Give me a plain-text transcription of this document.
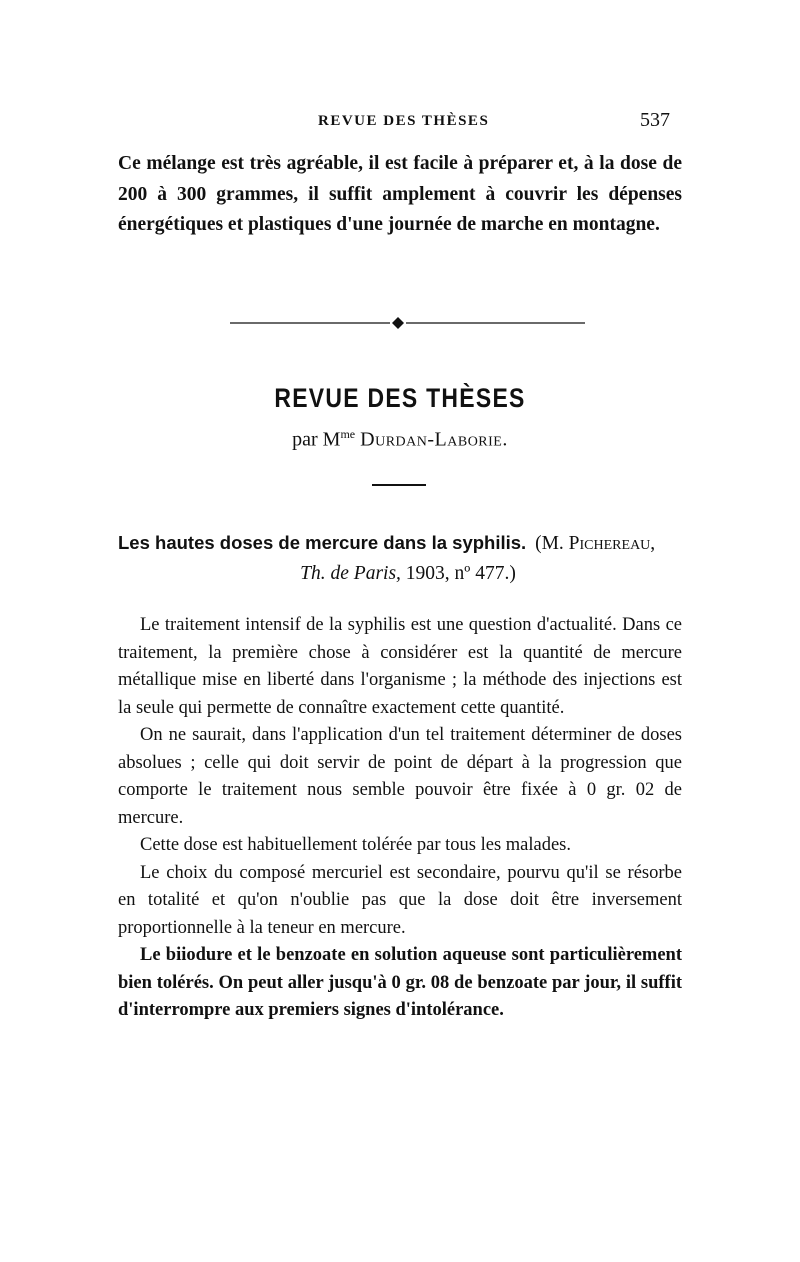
REVUE DES THÈSES	537
Ce mélange est très agréable, il est facile à préparer et, à la dose de 200 à 300 grammes, il suffit amplement à couvrir les dépenses énergétiques et plastiques d'une journée de marche en montagne.
REVUE DES THÈSES
par $M^{me}$ Durdan-Laborie.
Les hautes doses de mercure dans la syphilis. (M. Pichereau,
Th. de Paris, 1903, nº 477.)

Le traitement intensif de la syphilis est une question d'actualité. Dans ce traitement, la première chose à considérer est la quantité de mercure métallique mise en liberté dans l'organisme ; la méthode des injections est la seule qui permette de connaître exactement cette quantité.

On ne saurait, dans l'application d'un tel traitement déterminer de doses absolues ; celle qui doit servir de point de départ à la progression que comporte le traitement nous semble pouvoir être fixée à 0 gr. 02 de mercure.

Cette dose est habituellement tolérée par tous les malades.

Le choix du composé mercuriel est secondaire, pourvu qu'il se résorbe en totalité et qu'on n'oublie pas que la dose doit être inversement proportionnelle à la teneur en mercure.

Le biiodure et le benzoate en solution aqueuse sont particulièrement bien tolérés. On peut aller jusqu'à 0 gr. 08 de benzoate par jour, il suffit d'interrompre aux premiers signes d'intolérance.
